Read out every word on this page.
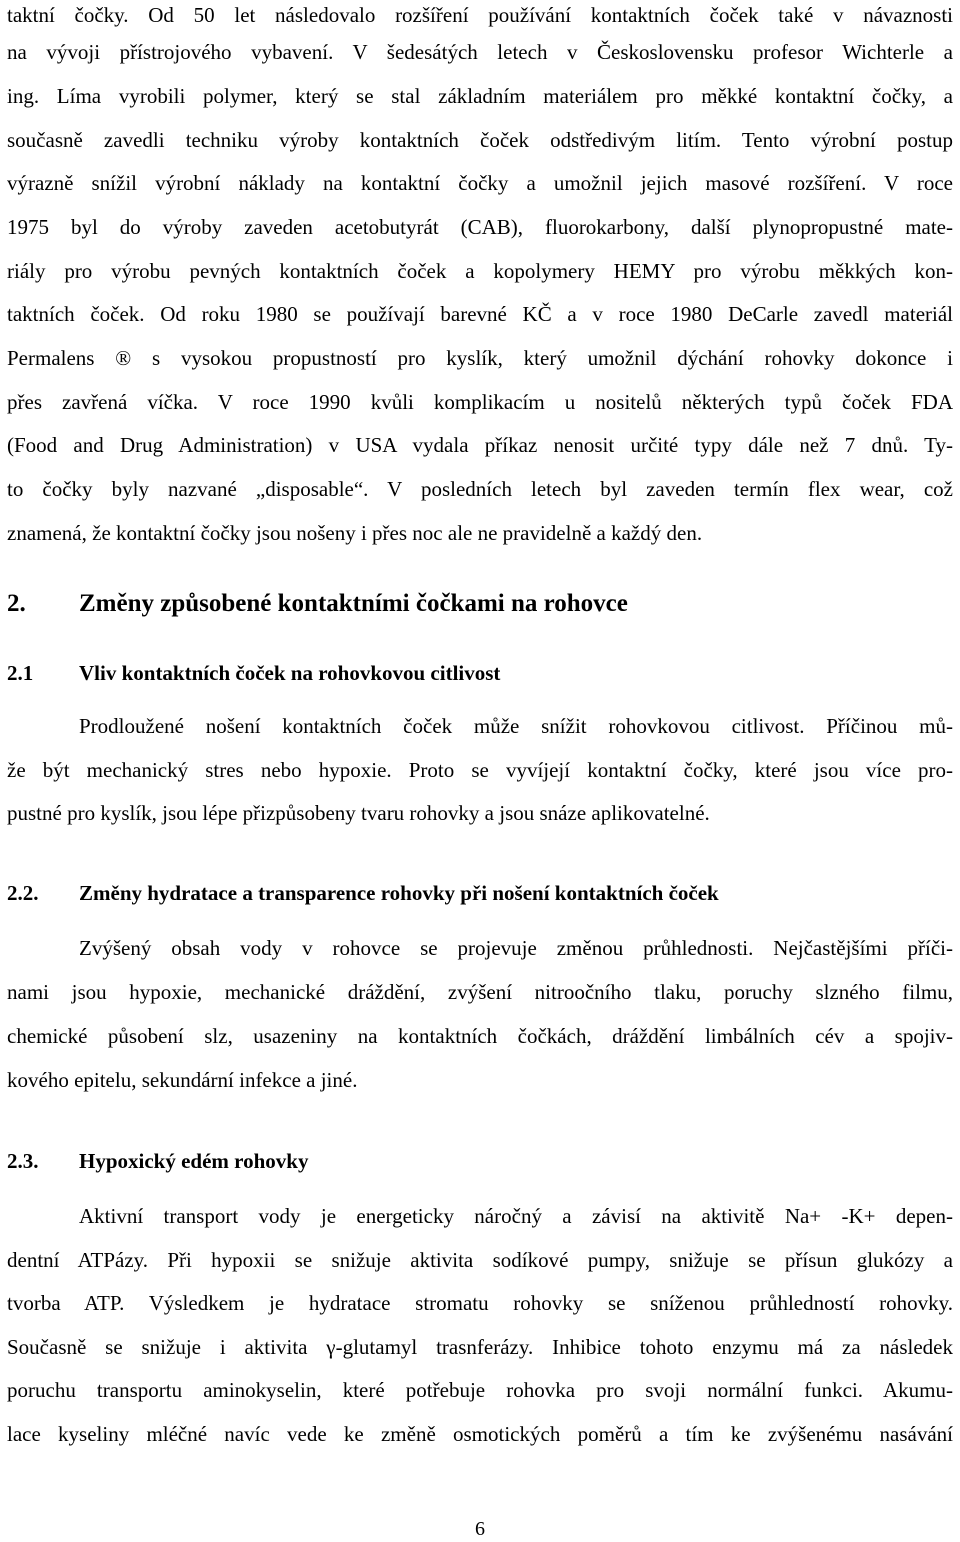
taktní čočky. Od 50 let následovalo rozšíření používání kontaktních čoček také v návaznosti
na vývoji přístrojového vybavení. V šedesátých letech v Československu profesor Wichterle a
ing. Líma vyrobili polymer, který se stal základním materiálem pro měkké kontaktní čočky, a
současně zavedli techniku výroby kontaktních čoček odstředivým litím. Tento výrobní postup
výrazně snížil výrobní náklady na kontaktní čočky a umožnil jejich masové rozšíření. V roce
1975 byl do výroby zaveden acetobutyrát (CAB), fluorokarbony, další plynopropustné mate-
riály pro výrobu pevných kontaktních čoček a kopolymery HEMY pro výrobu měkkých kon-
taktních čoček. Od roku 1980 se používají barevné KČ a v roce 1980 DeCarle zavedl materiál
Permalens ® s vysokou propustností pro kyslík, který umožnil dýchání rohovky dokonce i
přes zavřená víčka. V roce 1990 kvůli komplikacím u nositelů některých typů čoček FDA
(Food and Drug Administration) v USA vydala příkaz nenosit určité typy dále než 7 dnů. Ty-
to čočky byly nazvané „disposable“. V posledních letech byl zaveden termín flex wear, což
znamená, že kontaktní čočky jsou nošeny i přes noc ale ne pravidelně a každý den.
2. Změny způsobené kontaktními čočkami na rohovce
2.1 Vliv kontaktních čoček na rohovkovou citlivost
Prodloužené nošení kontaktních čoček může snížit rohovkovou citlivost. Příčinou mů-
že být mechanický stres nebo hypoxie. Proto se vyvíjejí kontaktní čočky, které jsou více pro-
pustné pro kyslík, jsou lépe přizpůsobeny tvaru rohovky a jsou snáze aplikovatelné.
2.2. Změny hydratace a transparence rohovky při nošení kontaktních čoček
Zvýšený obsah vody v rohovce se projevuje změnou průhlednosti. Nejčastějšími příči-
nami jsou hypoxie, mechanické dráždění, zvýšení nitroočního tlaku, poruchy slzného filmu,
chemické působení slz, usazeniny na kontaktních čočkách, dráždění limbálních cév a spojiv-
kového epitelu, sekundární infekce a jiné.
2.3. Hypoxický edém rohovky
Aktivní transport vody je energeticky náročný a závisí na aktivitě Na+ -K+ depen-
dentní ATPázy. Při hypoxii se snižuje aktivita sodíkové pumpy, snižuje se přísun glukózy a
tvorba ATP. Výsledkem je hydratace stromatu rohovky se sníženou průhledností rohovky.
Současně se snižuje i aktivita γ-glutamyl trasnferázy. Inhibice tohoto enzymu má za následek
poruchu transportu aminokyselin, které potřebuje rohovka pro svoji normální funkci. Akumu-
lace kyseliny mléčné navíc vede ke změně osmotických poměrů a tím ke zvýšenému nasávání
6
